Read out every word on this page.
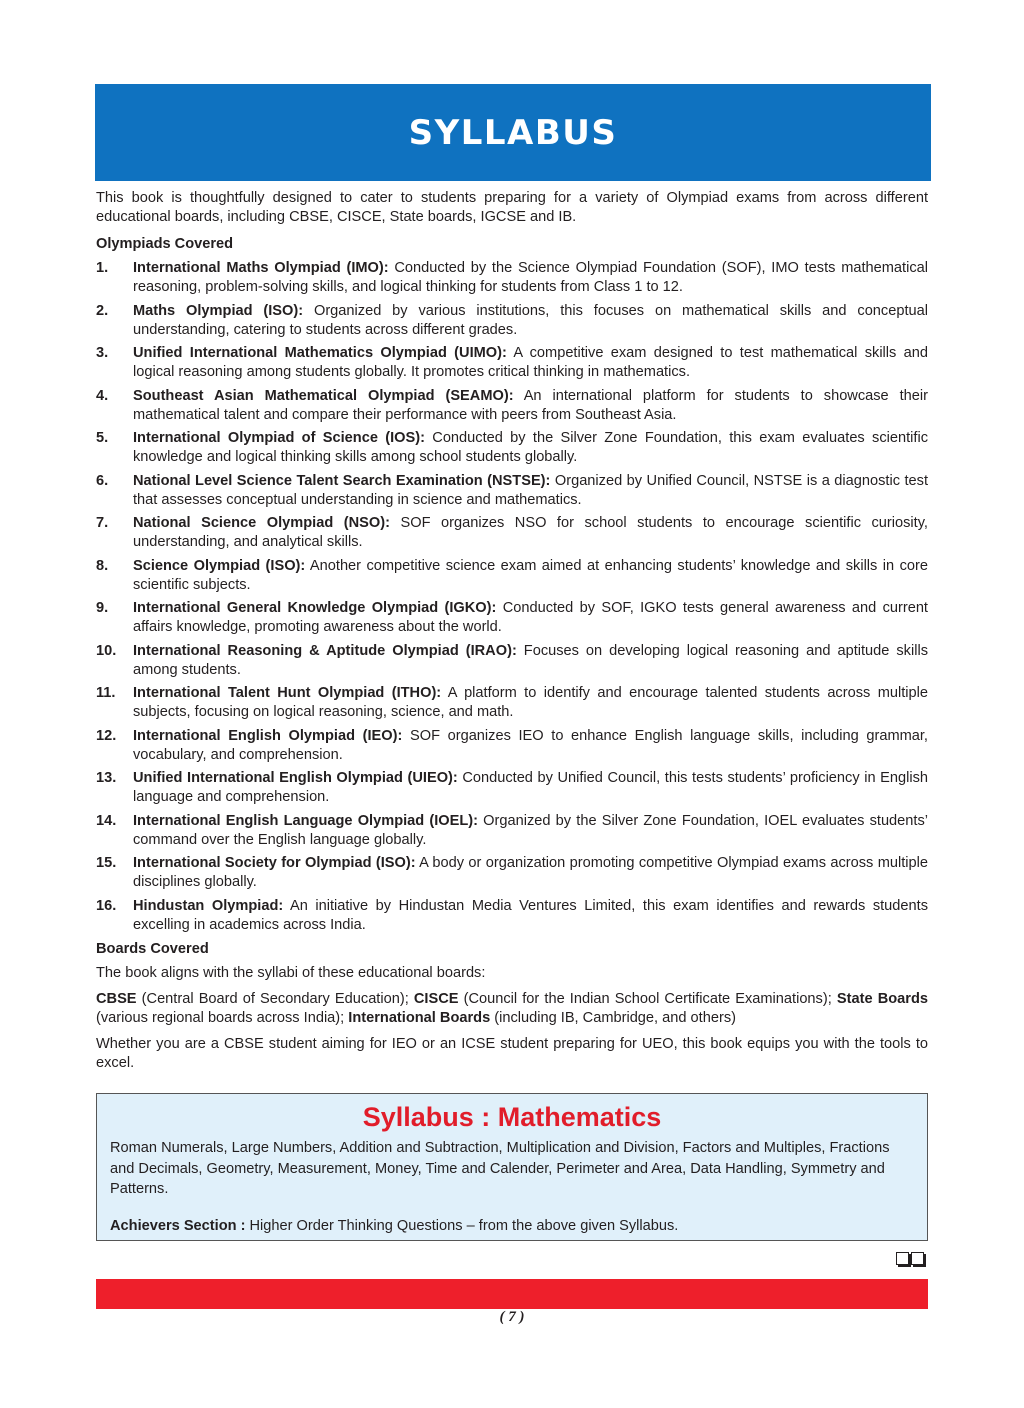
SYLLABUS

This book is thoughtfully designed to cater to students preparing for a variety of Olympiad exams from across different educational boards, including CBSE, CISCE, State boards, IGCSE and IB.

Olympiads Covered
1.	International Maths Olympiad (IMO): Conducted by the Science Olympiad Foundation (SOF), IMO tests mathematical reasoning, problem-solving skills, and logical thinking for students from Class 1 to 12.
2.	Maths Olympiad (ISO): Organized by various institutions, this focuses on mathematical skills and conceptual understanding, catering to students across different grades.
3.	Unified International Mathematics Olympiad (UIMO): A competitive exam designed to test mathematical skills and logical reasoning among students globally. It promotes critical thinking in mathematics.
4.	Southeast Asian Mathematical Olympiad (SEAMO): An international platform for students to showcase their mathematical talent and compare their performance with peers from Southeast Asia.
5.	International Olympiad of Science (IOS): Conducted by the Silver Zone Foundation, this exam evaluates scientific knowledge and logical thinking skills among school students globally.
6.	National Level Science Talent Search Examination (NSTSE): Organized by Unified Council, NSTSE is a diagnostic test that assesses conceptual understanding in science and mathematics.
7.	National Science Olympiad (NSO): SOF organizes NSO for school students to encourage scientific curiosity, understanding, and analytical skills.
8.	Science Olympiad (ISO): Another competitive science exam aimed at enhancing students’ knowledge and skills in core scientific subjects.
9.	International General Knowledge Olympiad (IGKO): Conducted by SOF, IGKO tests general awareness and current affairs knowledge, promoting awareness about the world.
10.	International Reasoning & Aptitude Olympiad (IRAO): Focuses on developing logical reasoning and aptitude skills among students.
11.	International Talent Hunt Olympiad (ITHO): A platform to identify and encourage talented students across multiple subjects, focusing on logical reasoning, science, and math.
12.	International English Olympiad (IEO): SOF organizes IEO to enhance English language skills, including grammar, vocabulary, and comprehension.
13.	Unified International English Olympiad (UIEO): Conducted by Unified Council, this tests students’ proficiency in English language and comprehension.
14.	International English Language Olympiad (IOEL): Organized by the Silver Zone Foundation, IOEL evaluates students’ command over the English language globally.
15.	International Society for Olympiad (ISO): A body or organization promoting competitive Olympiad exams across multiple disciplines globally.
16.	Hindustan Olympiad: An initiative by Hindustan Media Ventures Limited, this exam identifies and rewards students excelling in academics across India.
Boards Covered

The book aligns with the syllabi of these educational boards:

CBSE (Central Board of Secondary Education); CISCE (Council for the Indian School Certificate Examinations); State Boards (various regional boards across India); International Boards (including IB, Cambridge, and others)

Whether you are a CBSE student aiming for IEO or an ICSE student preparing for UEO, this book equips you with the tools to excel.

Syllabus : Mathematics
Roman Numerals, Large Numbers, Addition and Subtraction, Multiplication and Division, Factors and Multiples, Fractions and Decimals, Geometry, Measurement, Money, Time and Calender, Perimeter and Area, Data Handling, Symmetry and Patterns.
Achievers Section : Higher Order Thinking Questions – from the above given Syllabus.
( 7 )
